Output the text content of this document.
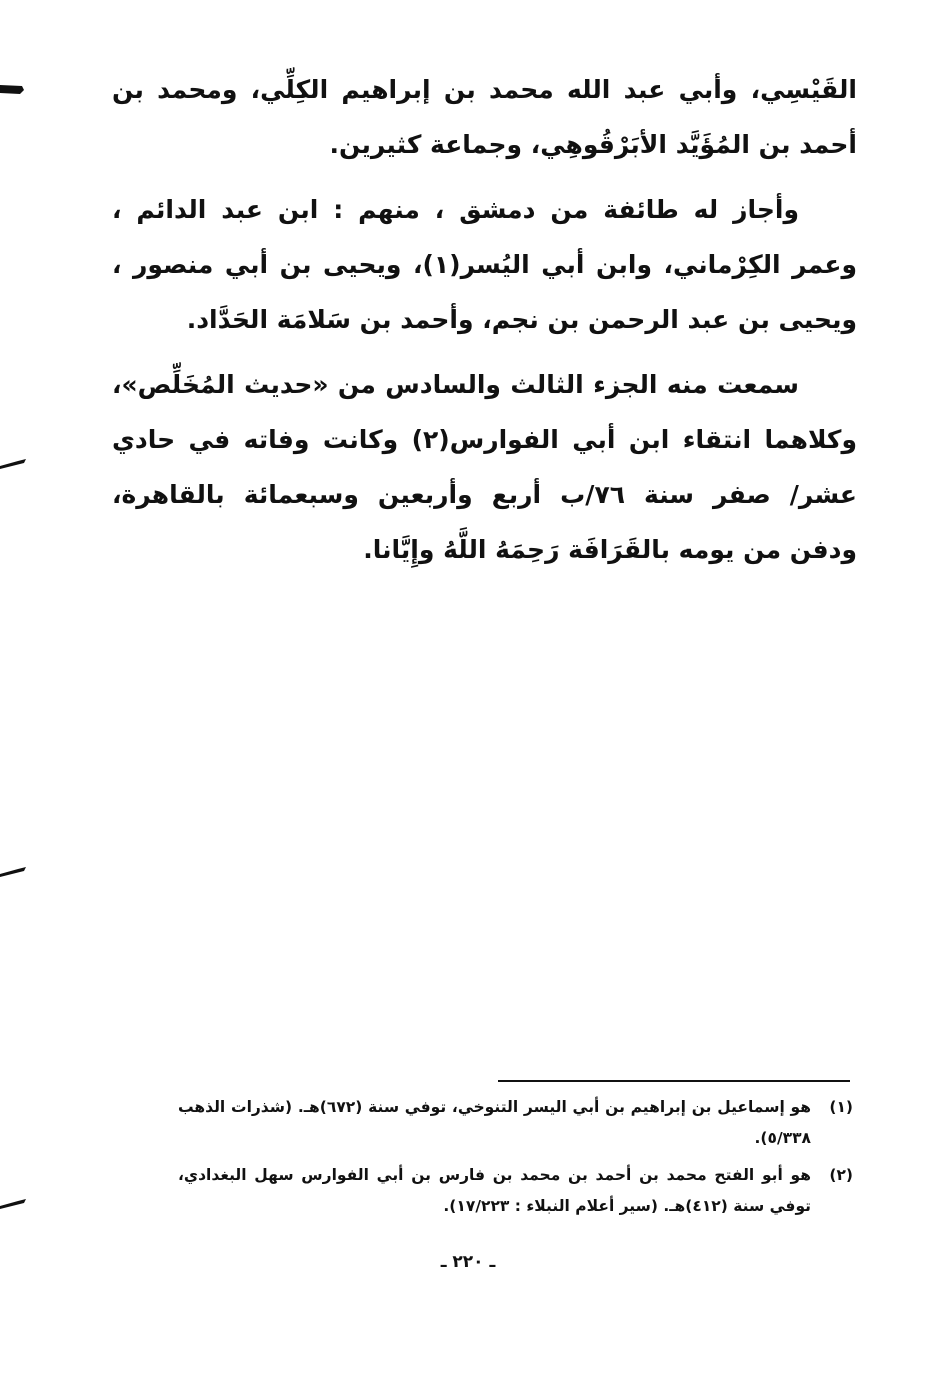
القَيْسِي، وأبي عبد الله محمد بن إبراهيم الكِلِّي، ومحمد بن أحمد بن المُؤَيَّد الأبَرْقُوهِي، وجماعة كثيرين.

وأجاز له طائفة من دمشق ، منهم : ابن عبد الدائم ، وعمر الكِرْماني، وابن أبي اليُسر(١)، ويحيى بن أبي منصور ، ويحيى بن عبد الرحمن بن نجم، وأحمد بن سَلامَة الحَدَّاد.

سمعت منه الجزء الثالث والسادس من «حديث المُخَلِّص»، وكلاهما انتقاء ابن أبي الفوارس(٢) وكانت وفاته في حادي عشر/ صفر سنة ٧٦/ب أربع وأربعين وسبعمائة بالقاهرة، ودفن من يومه بالقَرَافَة رَحِمَهُ اللَّهُ وإِيَّانا.

(١)
هو إسماعيل بن إبراهيم بن أبي اليسر التنوخي، توفي سنة (٦٧٢)هـ. (شذرات الذهب ٥/٣٣٨).
(٢)
هو أبو الفتح محمد بن أحمد بن محمد بن فارس بن أبي الفوارس سهل البغدادي، توفي سنة (٤١٢)هـ. (سير أعلام النبلاء : ١٧/٢٢٣).
ـ ٢٢٠ ـ
